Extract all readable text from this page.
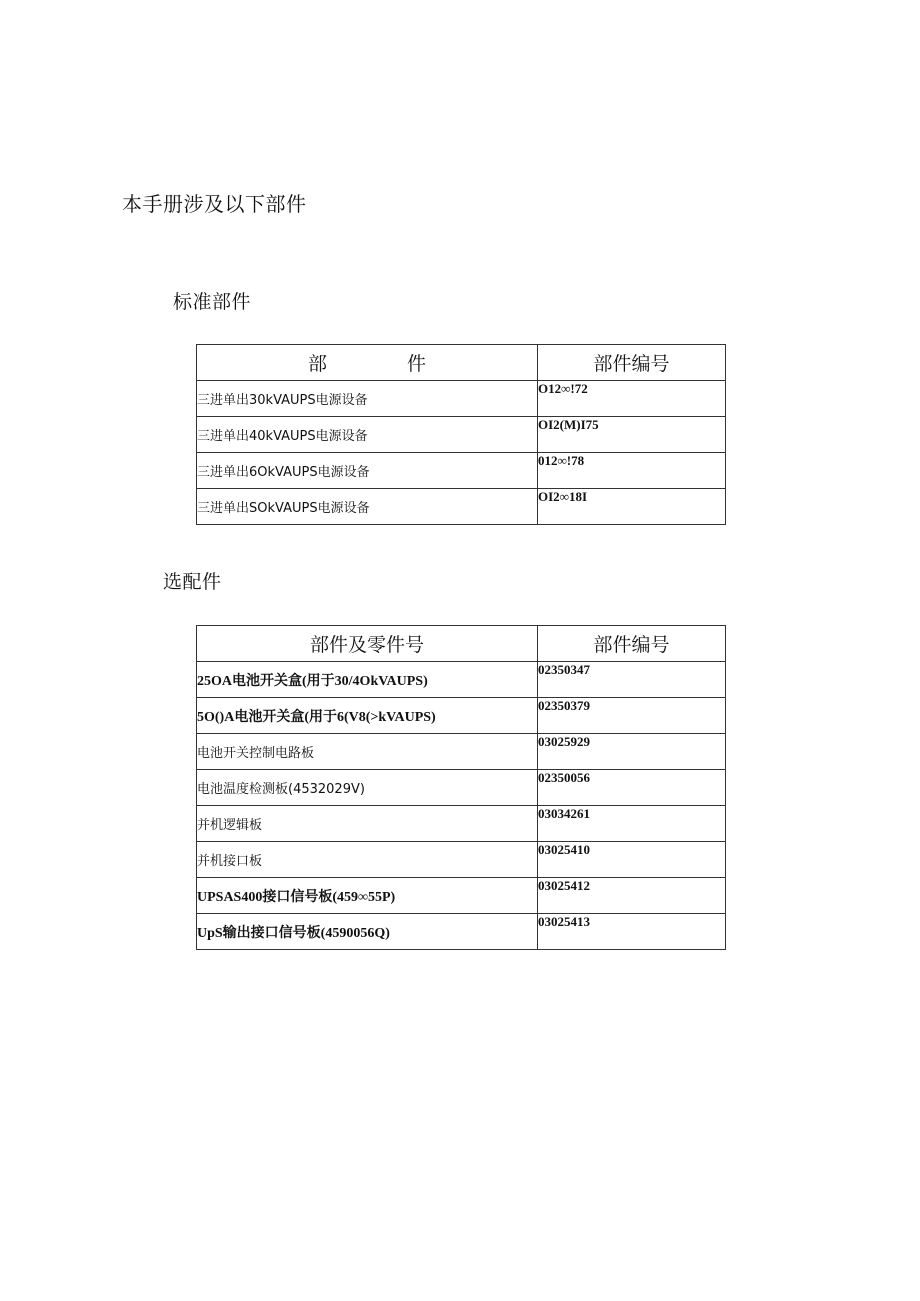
本手册涉及以下部件
标准部件
部 件	部件编号
三进单出30kVAUPS电源设备	O12∞!72
三进单出40kVAUPS电源设备	OI2(M)I75
三进单出6OkVAUPS电源设备	012∞!78
三进单出SOkVAUPS电源设备	OI2∞18I
选配件
部件及零件号	部件编号
25OA电池开关盒(用于30/4OkVAUPS)	02350347
5O()A电池开关盒(用于6(V8(>kVAUPS)	02350379
电池开关控制电路板	03025929
电池温度检测板(4532029V)	02350056
并机逻辑板	03034261
并机接口板	03025410
UPSAS400接口信号板(459∞55P)	03025412
UpS输出接口信号板(4590056Q)	03025413
